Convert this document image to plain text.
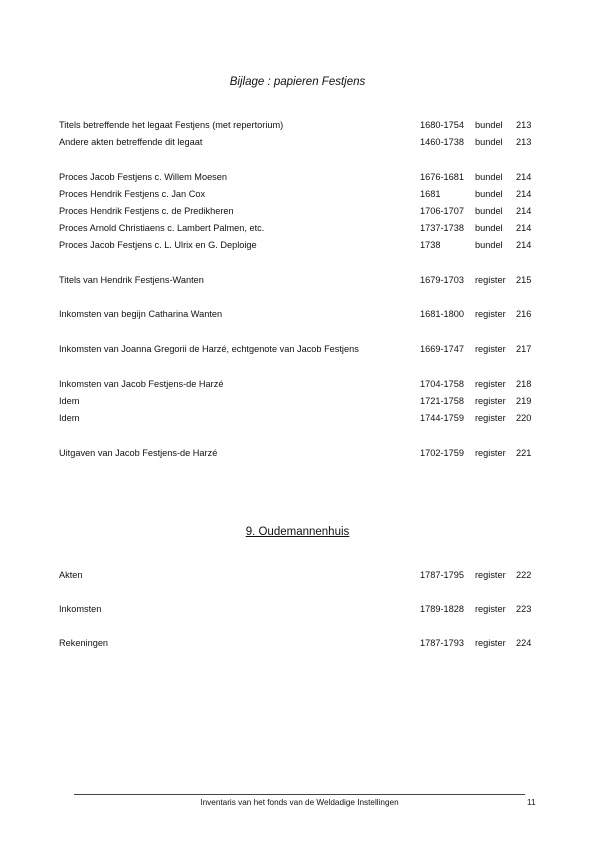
Bijlage : papieren Festjens
Titels betreffende het legaat Festjens (met repertorium)	1680-1754 bundel 213
Andere akten betreffende dit legaat	1460-1738 bundel 213
Proces Jacob Festjens c. Willem Moesen	1676-1681 bundel 214
Proces Hendrik Festjens c. Jan Cox	1681	bundel 214
Proces Hendrik Festjens c. de Predikheren	1706-1707 bundel 214
Proces Arnold Christiaens c. Lambert Palmen, etc.	1737-1738 bundel 214
Proces Jacob Festjens c. L. Ulrix en G. Deploige	1738	bundel 214
Titels van Hendrik Festjens-Wanten	1679-1703 register 215
Inkomsten van begijn Catharina Wanten	1681-1800 register 216
Inkomsten van Joanna Gregorii de Harzé, echtgenote van Jacob Festjens	1669-1747 register 217
Inkomsten van Jacob Festjens-de Harzé	1704-1758 register 218
Idem	1721-1758 register 219
Idem	1744-1759 register 220
Uitgaven van Jacob Festjens-de Harzé	1702-1759 register 221
9. Oudemannenhuis
Akten	1787-1795 register 222
Inkomsten	1789-1828 register 223
Rekeningen	1787-1793 register 224
Inventaris van het fonds van de Weldadige Instellingen	11
